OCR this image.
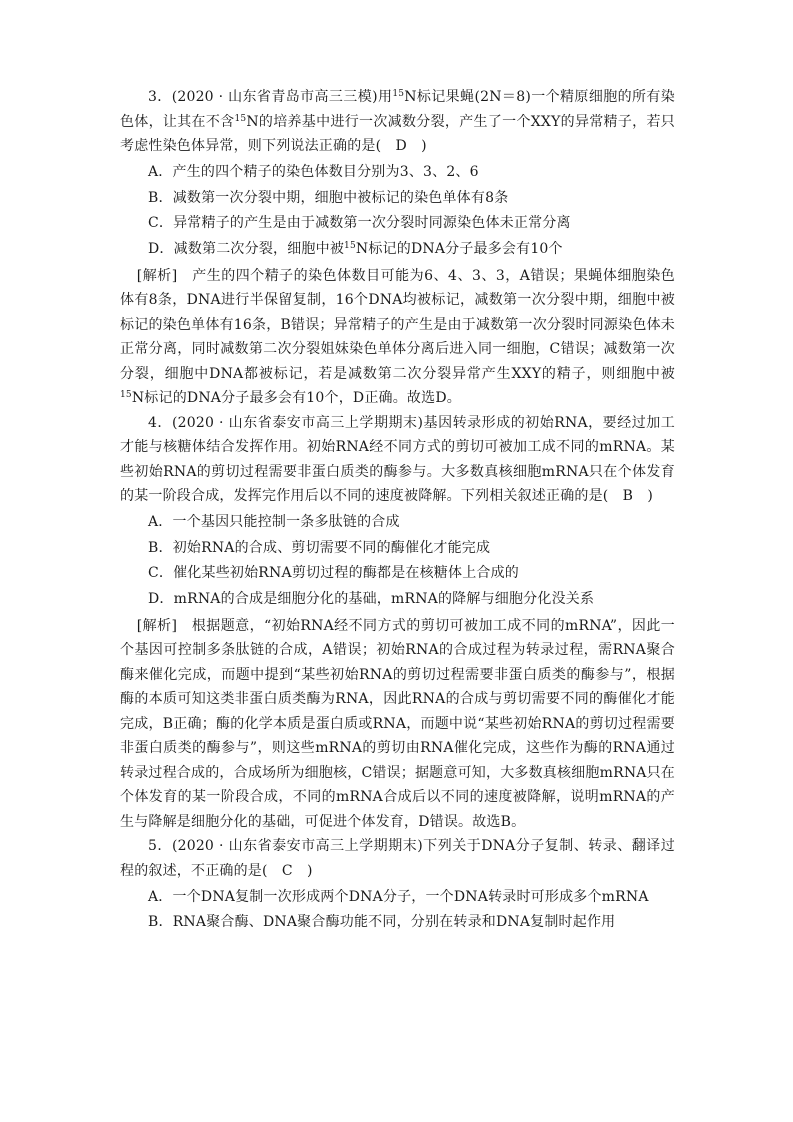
3．(2020 · 山东省青岛市高三三模)用$^{15}$N标记果蝇(2N＝8)一个精原细胞的所有染色体，让其在不含$^{15}$N的培养基中进行一次减数分裂，产生了一个XXY的异常精子，若只考虑性染色体异常，则下列说法正确的是(　D　)

A．产生的四个精子的染色体数目分别为3、3、2、6

B．减数第一次分裂中期，细胞中被标记的染色单体有8条

C．异常精子的产生是由于减数第一次分裂时同源染色体未正常分离

D．减数第二次分裂，细胞中被$^{15}$N标记的DNA分子最多会有10个

[解析]　产生的四个精子的染色体数目可能为6、4、3、3，A错误；果蝇体细胞染色体有8条，DNA进行半保留复制，16个DNA均被标记，减数第一次分裂中期，细胞中被标记的染色单体有16条，B错误；异常精子的产生是由于减数第一次分裂时同源染色体未正常分离，同时减数第二次分裂姐妹染色单体分离后进入同一细胞，C错误；减数第一次分裂，细胞中DNA都被标记，若是减数第二次分裂异常产生XXY的精子，则细胞中被$^{15}$N标记的DNA分子最多会有10个，D正确。故选D。

4．(2020 · 山东省泰安市高三上学期期末)基因转录形成的初始RNA，要经过加工才能与核糖体结合发挥作用。初始RNA经不同方式的剪切可被加工成不同的mRNA。某些初始RNA的剪切过程需要非蛋白质类的酶参与。大多数真核细胞mRNA只在个体发育的某一阶段合成，发挥完作用后以不同的速度被降解。下列相关叙述正确的是(　B　)

A．一个基因只能控制一条多肽链的合成

B．初始RNA的合成、剪切需要不同的酶催化才能完成

C．催化某些初始RNA剪切过程的酶都是在核糖体上合成的

D．mRNA的合成是细胞分化的基础，mRNA的降解与细胞分化没关系

[解析]　根据题意，“初始RNA经不同方式的剪切可被加工成不同的mRNA”，因此一个基因可控制多条肽链的合成，A错误；初始RNA的合成过程为转录过程，需RNA聚合酶来催化完成，而题中提到“某些初始RNA的剪切过程需要非蛋白质类的酶参与”，根据酶的本质可知这类非蛋白质类酶为RNA，因此RNA的合成与剪切需要不同的酶催化才能完成，B正确；酶的化学本质是蛋白质或RNA，而题中说“某些初始RNA的剪切过程需要非蛋白质类的酶参与”，则这些mRNA的剪切由RNA催化完成，这些作为酶的RNA通过转录过程合成的，合成场所为细胞核，C错误；据题意可知，大多数真核细胞mRNA只在个体发育的某一阶段合成，不同的mRNA合成后以不同的速度被降解，说明mRNA的产生与降解是细胞分化的基础，可促进个体发育，D错误。故选B。

5．(2020 · 山东省泰安市高三上学期期末)下列关于DNA分子复制、转录、翻译过程的叙述，不正确的是(　C　)

A．一个DNA复制一次形成两个DNA分子，一个DNA转录时可形成多个mRNA

B．RNA聚合酶、DNA聚合酶功能不同，分别在转录和DNA复制时起作用
